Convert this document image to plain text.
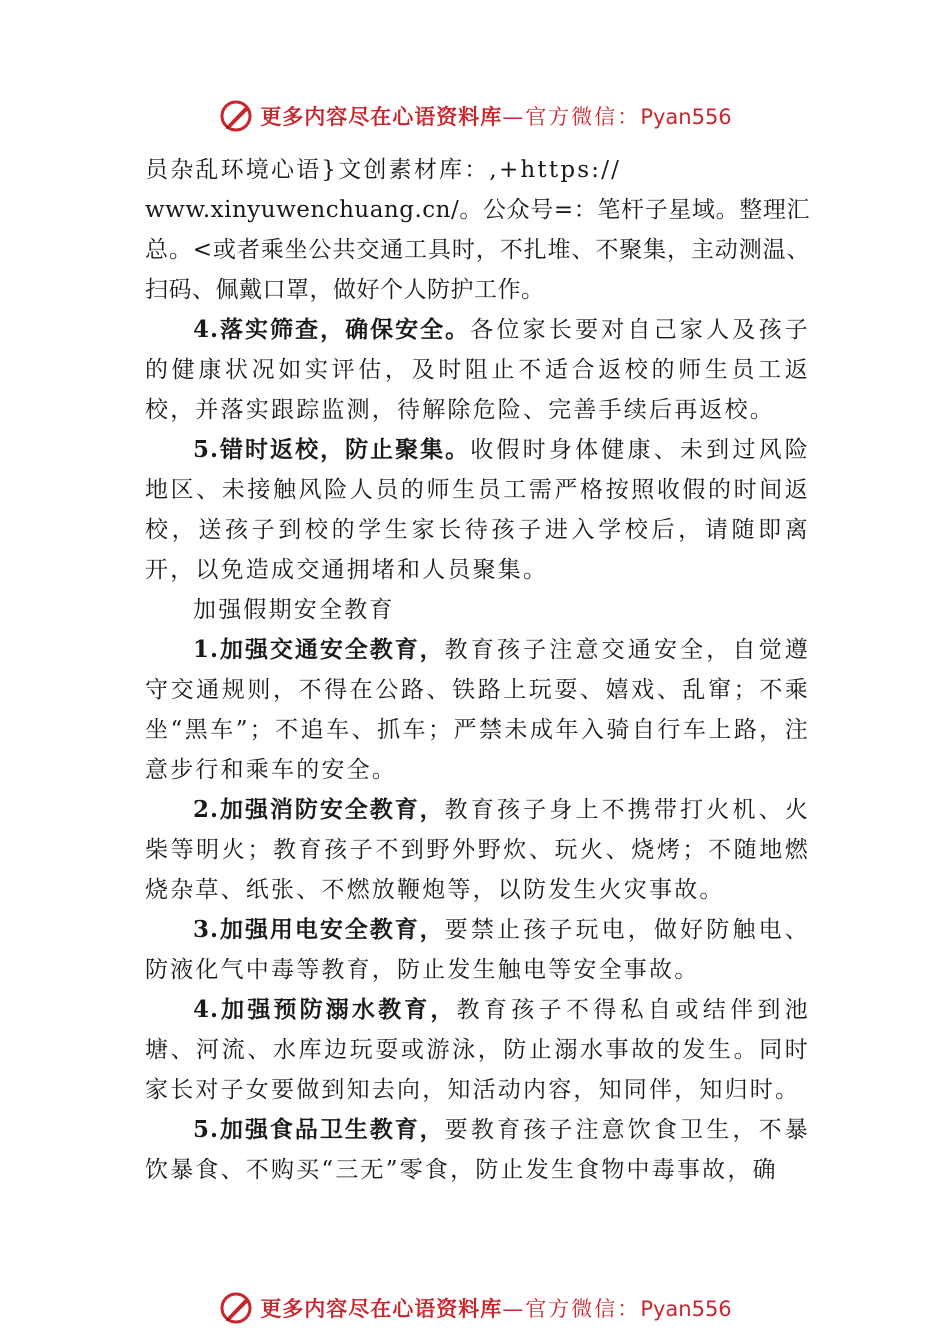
更多内容尽在心语资料库—官方微信：Pyan556

员杂乱环境心语}文创素材库：,+https://
www.xinyuwenchuang.cn/。公众号=：笔杆子星域。整理汇总。<或者乘坐公共交通工具时，不扎堆、不聚集，主动测温、扫码、佩戴口罩，做好个人防护工作。

4.落实筛查，确保安全。各位家长要对自己家人及孩子的健康状况如实评估，及时阻止不适合返校的师生员工返校，并落实跟踪监测，待解除危险、完善手续后再返校。

5.错时返校，防止聚集。收假时身体健康、未到过风险地区、未接触风险人员的师生员工需严格按照收假的时间返校，送孩子到校的学生家长待孩子进入学校后，请随即离开，以免造成交通拥堵和人员聚集。

加强假期安全教育

1.加强交通安全教育，教育孩子注意交通安全，自觉遵守交通规则，不得在公路、铁路上玩耍、嬉戏、乱窜；不乘坐“黑车”；不追车、抓车；严禁未成年入骑自行车上路，注意步行和乘车的安全。

2.加强消防安全教育，教育孩子身上不携带打火机、火柴等明火；教育孩子不到野外野炊、玩火、烧烤；不随地燃烧杂草、纸张、不燃放鞭炮等，以防发生火灾事故。

3.加强用电安全教育，要禁止孩子玩电，做好防触电、防液化气中毒等教育，防止发生触电等安全事故。

4.加强预防溺水教育，教育孩子不得私自或结伴到池塘、河流、水库边玩耍或游泳，防止溺水事故的发生。同时家长对子女要做到知去向，知活动内容，知同伴，知归时。

5.加强食品卫生教育，要教育孩子注意饮食卫生，不暴饮暴食、不购买“三无”零食，防止发生食物中毒事故，确

更多内容尽在心语资料库—官方微信：Pyan556
